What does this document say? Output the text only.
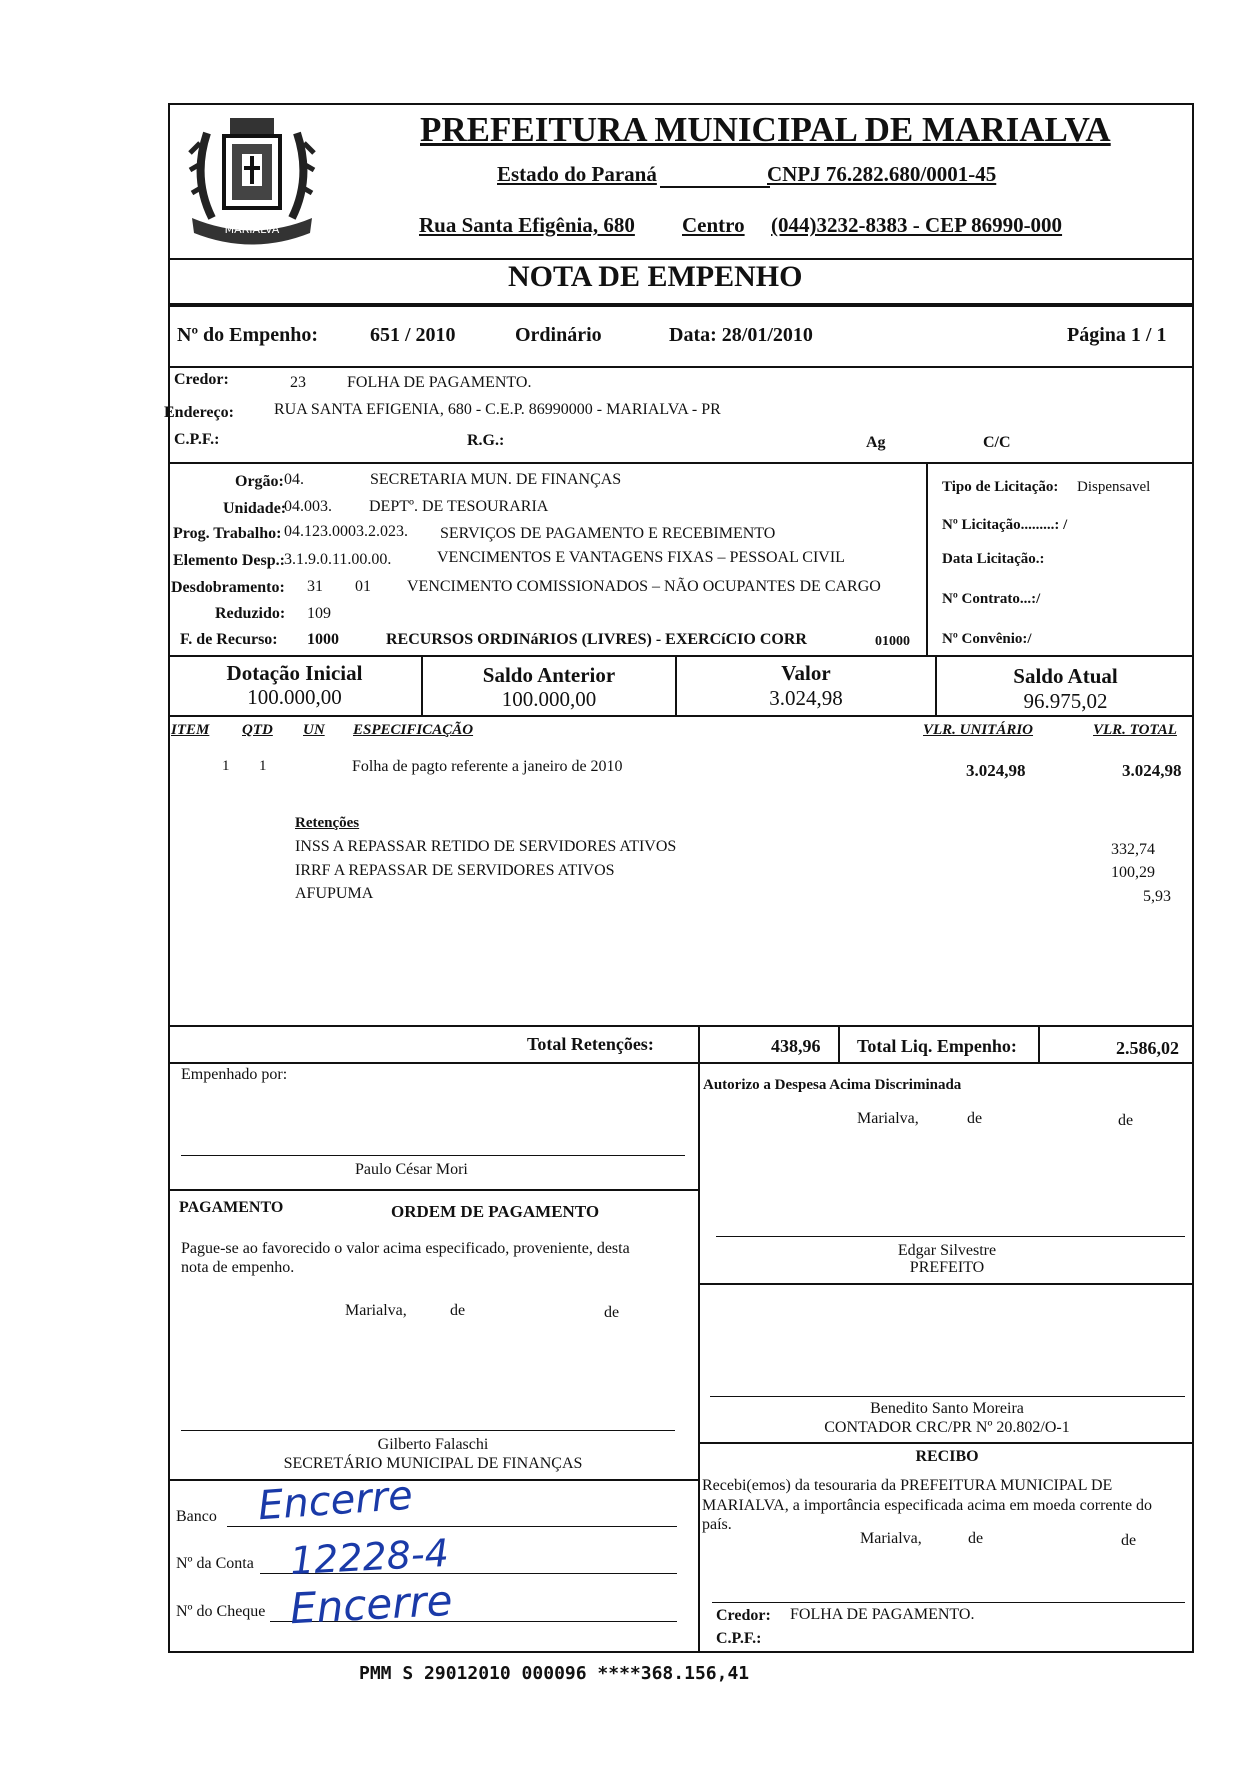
MARIALVA
PREFEITURA MUNICIPAL DE MARIALVA
Estado do Paraná	CNPJ 76.282.680/0001-45
Rua Santa Efigênia, 680 Centro (044)3232-8383 - CEP 86990-000
NOTA DE EMPENHO
Nº do Empenho:	651 / 2010	Ordinário	Data: 28/01/2010	Página 1 / 1
Credor:	23	FOLHA DE PAGAMENTO.
Endereço:	RUA SANTA EFIGENIA, 680 - C.E.P. 86990000 - MARIALVA - PR
C.P.F.:	R.G.:	Ag	C/C
Orgão: 04.	SECRETARIA MUN. DE FINANÇAS
Unidade:
04.003. DEPTº. DE TESOURARIA
Prog. Trabalho: 04.123.0003.2.023. SERVIÇOS DE PAGAMENTO E RECEBIMENTO
Elemento Desp.: 3.1.9.0.11.00.00.	VENCIMENTOS E VANTAGENS FIXAS – PESSOAL CIVIL
Desdobramento: 31 01 VENCIMENTO COMISSIONADOS – NÃO OCUPANTES DE CARGO
Reduzido: 109
F. de Recurso: 1000	RECURSOS ORDINáRIOS (LIVRES) - EXERCíCIO CORR	01000
Tipo de Licitação: Dispensavel
Nº Licitação.........: /
Data Licitação.:
Nº Contrato...:/
Nº Convênio:/
Dotação Inicial
100.000,00
Saldo Anterior
100.000,00
Valor
3.024,98
Saldo Atual
96.975,02
ITEM QTD UN ESPECIFICAÇÃO	VLR. UNITÁRIO	VLR. TOTAL
1 1	Folha de pagto referente a janeiro de 2010	3.024,98	3.024,98
Retenções
INSS A REPASSAR RETIDO DE SERVIDORES ATIVOS	332,74
IRRF A REPASSAR DE SERVIDORES ATIVOS	100,29
AFUPUMA	5,93
Total Retenções:	438,96 Total Liq. Empenho:	2.586,02
Empenhado por:
Paulo César Mori
Autorizo a Despesa Acima Discriminada
Marialva,	de	de
Edgar Silvestre
PREFEITO
PAGAMENTO	ORDEM DE PAGAMENTO
Pague-se ao favorecido o valor acima especificado, proveniente, desta
nota de empenho.
Marialva,	de	de
Gilberto Falaschi
SECRETÁRIO MUNICIPAL DE FINANÇAS
Benedito Santo Moreira
CONTADOR CRC/PR Nº 20.802/O-1
RECIBO
Recebi(emos) da tesouraria da PREFEITURA MUNICIPAL DE
MARIALVA, a importância especificada acima em moeda corrente do
país.
Marialva,	de	de
Credor: FOLHA DE PAGAMENTO.
C.P.F.:
Banco Encerre
Nº da Conta 12228-4
Nº do Cheque Encerre
PMM S 29012010 000096 ****368.156,41
